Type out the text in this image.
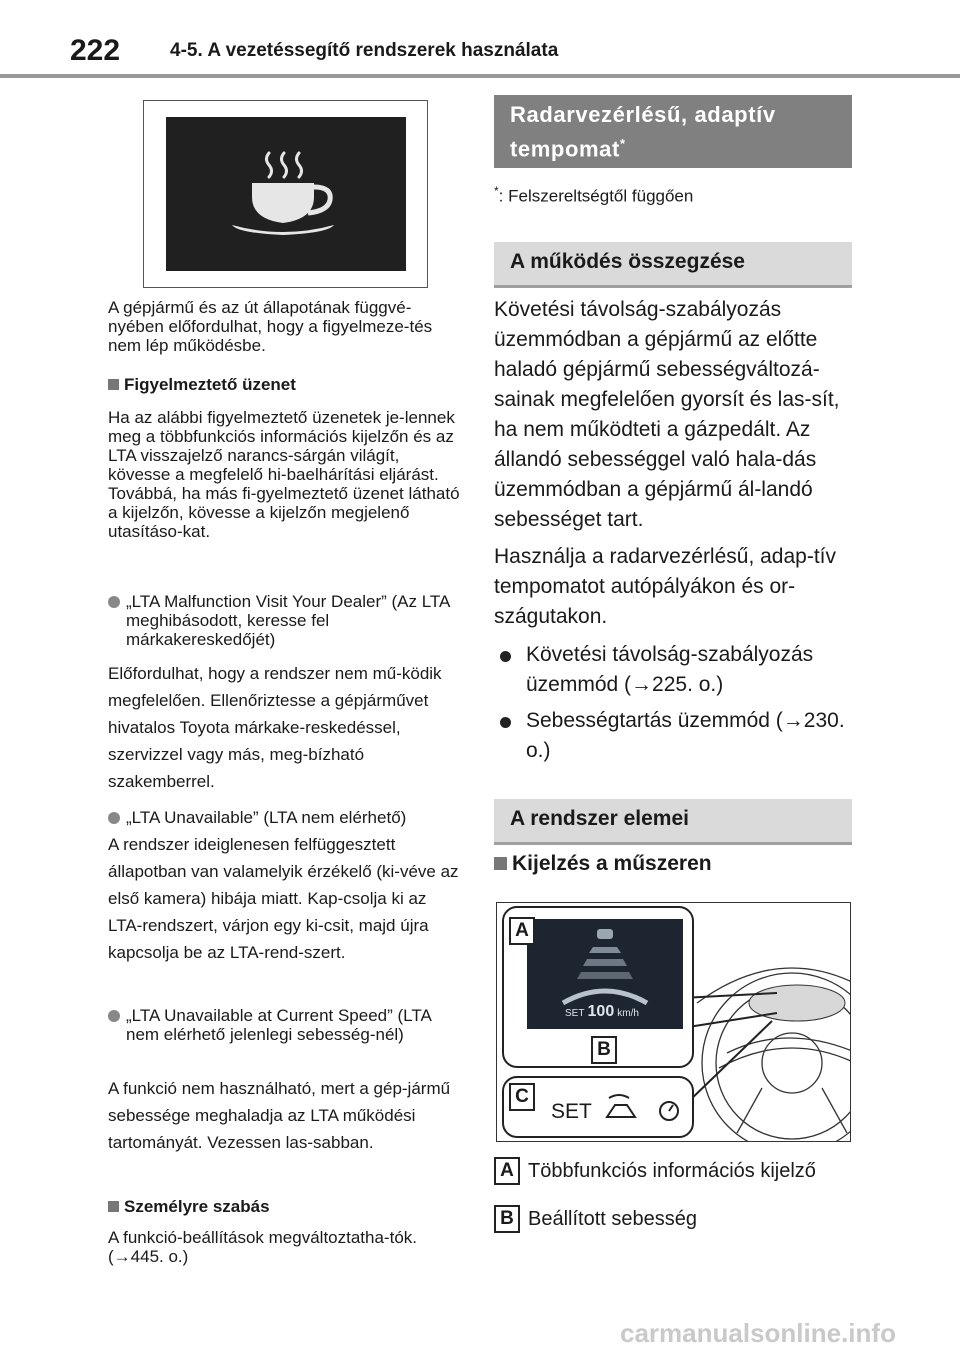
222	4-5. A vezetéssegítő rendszerek használata

A gépjármű és az út állapotának függvé-nyében előfordulhat, hogy a figyelmeze-tés nem lép működésbe.

Figyelmeztető üzenet

Ha az alábbi figyelmeztető üzenetek je-lennek meg a többfunkciós információs kijelzőn és az LTA visszajelző narancs-sárgán világít, kövesse a megfelelő hi-baelhárítási eljárást. Továbbá, ha más fi-gyelmeztető üzenet látható a kijelzőn, kövesse a kijelzőn megjelenő utasításo-kat.

„LTA Malfunction Visit Your Dealer” (Az LTA meghibásodott, keresse fel márkakereskedőjét)

Előfordulhat, hogy a rendszer nem mű-ködik megfelelően. Ellenőriztesse a gépjárművet hivatalos Toyota márkake-reskedéssel, szervizzel vagy más, meg-bízható szakemberrel.

„LTA Unavailable” (LTA nem elérhető)

A rendszer ideiglenesen felfüggesztett állapotban van valamelyik érzékelő (ki-véve az első kamera) hibája miatt. Kap-csolja ki az LTA-rendszert, várjon egy ki-csit, majd újra kapcsolja be az LTA-rend-szert.

„LTA Unavailable at Current Speed” (LTA nem elérhető jelenlegi sebesség-nél)

A funkció nem használható, mert a gép-jármű sebessége meghaladja az LTA működési tartományát. Vezessen las-sabban.

Személyre szabás

A funkció-beállítások megváltoztatha-tók. (→445. o.)

Radarvezérlésű, adaptív
tempomat*
*: Felszereltségtől függően
A működés összegzése

Követési távolság-szabályozás üzemmódban a gépjármű az előtte haladó gépjármű sebességváltozá-sainak megfelelően gyorsít és las-sít, ha nem működteti a gázpedált. Az állandó sebességgel való hala-dás üzemmódban a gépjármű ál-landó sebességet tart.

Használja a radarvezérlésű, adap-tív tempomatot autópályákon és or-szágutakon.

Követési távolság-szabályozás üzemmód (→225. o.)
Sebességtartás üzemmód (→230. o.)
A rendszer elemei
Kijelzés a műszeren
A
B
C
SET 100 km/h
SET
A Többfunkciós információs kijelző
B Beállított sebesség
carmanualsonline.info
